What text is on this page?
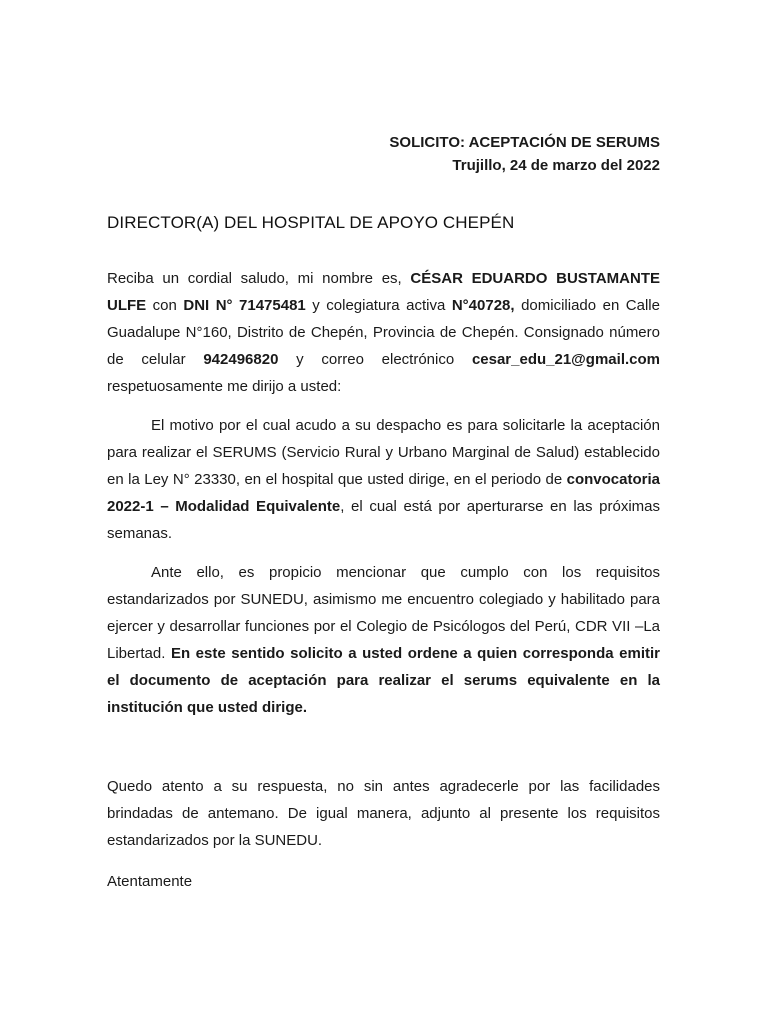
SOLICITO: ACEPTACIÓN DE SERUMS
Trujillo, 24 de marzo del 2022
DIRECTOR(A) DEL HOSPITAL DE APOYO CHEPÉN

Reciba un cordial saludo, mi nombre es, CÉSAR EDUARDO BUSTAMANTE ULFE con DNI N° 71475481 y colegiatura activa N°40728, domiciliado en Calle Guadalupe N°160, Distrito de Chepén, Provincia de Chepén. Consignado número de celular 942496820 y correo electrónico cesar_edu_21@gmail.com respetuosamente me dirijo a usted:

El motivo por el cual acudo a su despacho es para solicitarle la aceptación para realizar el SERUMS (Servicio Rural y Urbano Marginal de Salud) establecido en la Ley N° 23330, en el hospital que usted dirige, en el periodo de convocatoria 2022-1 – Modalidad Equivalente, el cual está por aperturarse en las próximas semanas.

Ante ello, es propicio mencionar que cumplo con los requisitos estandarizados por SUNEDU, asimismo me encuentro colegiado y habilitado para ejercer y desarrollar funciones por el Colegio de Psicólogos del Perú, CDR VII –La Libertad. En este sentido solicito a usted ordene a quien corresponda emitir el documento de aceptación para realizar el serums equivalente en la institución que usted dirige.

Quedo atento a su respuesta, no sin antes agradecerle por las facilidades brindadas de antemano. De igual manera, adjunto al presente los requisitos estandarizados por la SUNEDU.

Atentamente
